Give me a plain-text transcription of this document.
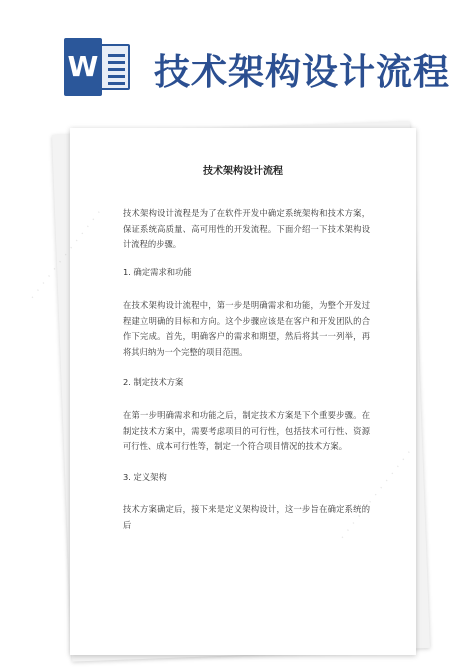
W 技术架构设计流程
· · · · · · · · · · · · ·
· · · · · · · · · · · · ·
技术架构设计流程

技术架构设计流程是为了在软件开发中确定系统架构和技术方案，保证系统高质量、高可用性的开发流程。下面介绍一下技术架构设计流程的步骤。

1. 确定需求和功能

在技术架构设计流程中，第一步是明确需求和功能，为整个开发过程建立明确的目标和方向。这个步骤应该是在客户和开发团队的合作下完成。首先，明确客户的需求和期望，然后将其一一列举，再将其归纳为一个完整的项目范围。

2. 制定技术方案

在第一步明确需求和功能之后，制定技术方案是下个重要步骤。在制定技术方案中，需要考虑项目的可行性，包括技术可行性、资源可行性、成本可行性等，制定一个符合项目情况的技术方案。

3. 定义架构

技术方案确定后，接下来是定义架构设计，这一步旨在确定系统的后
